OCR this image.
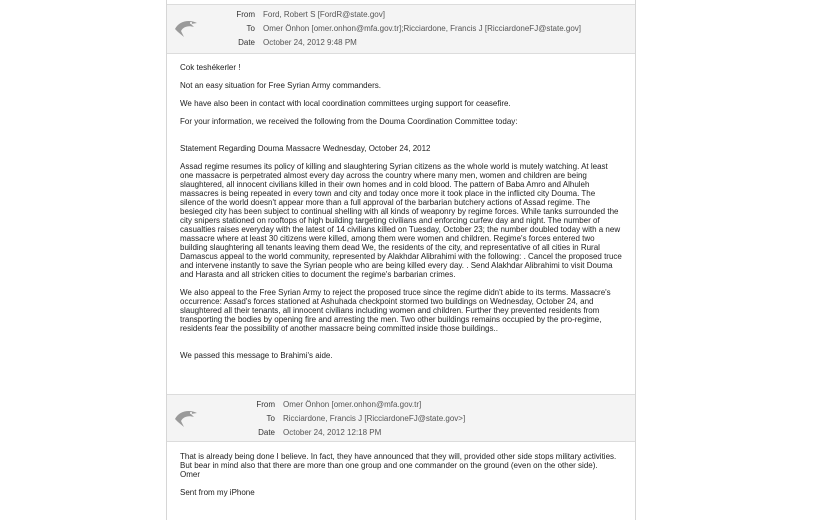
From Ford, Robert S [FordR@state.gov]
To Omer Önhon [omer.onhon@mfa.gov.tr];Ricciardone, Francis J [RicciardoneFJ@state.gov]
Date October 24, 2012 9:48 PM

Cok teshékerler !

Not an easy situation for Free Syrian Army commanders.

We have also been in contact with local coordination committees urging support for ceasefire.

For your information, we received the following from the Douma Coordination Committee today:

Statement Regarding Douma Massacre Wednesday, October 24, 2012

Assad regime resumes its policy of killing and slaughtering Syrian citizens as the whole world is mutely watching. At least one massacre is perpetrated almost every day across the country where many men, women and children are being slaughtered, all innocent civilians killed in their own homes and in cold blood. The pattern of Baba Amro and Alhuleh massacres is being repeated in every town and city and today once more it took place in the inflicted city Douma. The silence of the world doesn't appear more than a full approval of the barbarian butchery actions of Assad regime. The besieged city has been subject to continual shelling with all kinds of weaponry by regime forces. While tanks surrounded the city snipers stationed on rooftops of high building targeting civilians and enforcing curfew day and night. The number of casualties raises everyday with the latest of 14 civilians killed on Tuesday, October 23; the number doubled today with a new massacre where at least 30 citizens were killed, among them were women and children. Regime's forces entered two building slaughtering all tenants leaving them dead We, the residents of the city, and representative of all cities in Rural Damascus appeal to the world community, represented by Alakhdar Alibrahimi with the following: . Cancel the proposed truce and intervene instantly to save the Syrian people who are being killed every day. . Send Alakhdar Alibrahimi to visit Douma and Harasta and all stricken cities to document the regime's barbarian crimes.

We also appeal to the Free Syrian Army to reject the proposed truce since the regime didn't abide to its terms. Massacre's occurrence: Assad's forces stationed at Ashuhada checkpoint stormed two buildings on Wednesday, October 24, and slaughtered all their tenants, all innocent civilians including women and children. Further they prevented residents from transporting the bodies by opening fire and arresting the men. Two other buildings remains occupied by the pro-regime, residents fear the possibility of another massacre being committed inside those buildings..

We passed this message to Brahimi's aide.

From Omer Önhon [omer.onhon@mfa.gov.tr]
To Ricciardone, Francis J [RicciardoneFJ@state.gov>]
Date October 24, 2012 12:18 PM

That is already being done I believe. In fact, they have announced that they will, provided other side stops military activities. But bear in mind also that there are more than one group and one commander on the ground (even on the other side).

Omer

Sent from my iPhone
